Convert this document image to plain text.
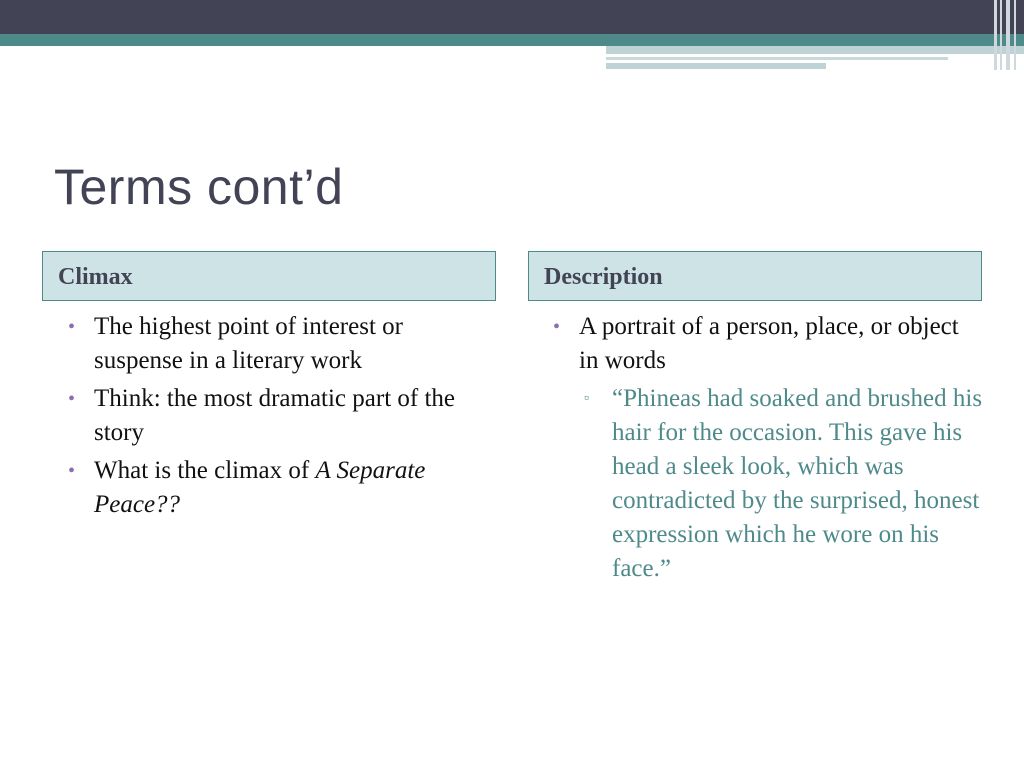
Terms cont’d
Climax	Description
• The highest point of interest or suspense in a literary work
• Think: the most dramatic part of the story
• What is the climax of A Separate Peace??
• A portrait of a person, place, or object in words
▫ “Phineas had soaked and brushed his hair for the occasion. This gave his head a sleek look, which was contradicted by the surprised, honest expression which he wore on his face.”
